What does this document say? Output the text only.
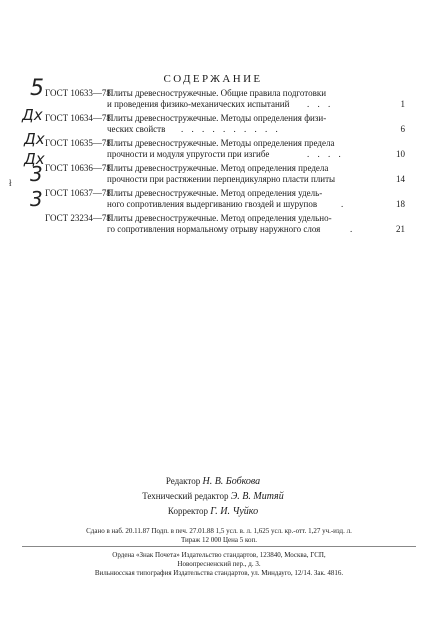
СОДЕРЖАНИЕ
ГОСТ 10633—78
Плиты древесностружечные. Общие правила подготовки
и проведения физико-механических испытаний . . .	1
ГОСТ 10634—78
Плиты древесностружечные. Методы определения физи-
ческих свойств . . . . . . . . . .	6
ГОСТ 10635—78
Плиты древесностружечные. Методы определения предела
прочности и модуля упругости при изгибе	. . . .	10
ГОСТ 10636—78
Плиты древесностружечные. Метод определения предела
прочности при растяжении перпендикулярно пласти плиты	14
ГОСТ 10637—78
Плиты древесностружечные. Метод определения удель-
ного сопротивления выдергиванию гвоздей и шурупов	.	18
ГОСТ 23234—78
Плиты древесностружечные. Метод определения удельно-
го сопротивления нормальному отрыву наружного слоя	.	21
5
Дх
Дх
Дх
3
3
ł
Редактор Н. В. Бобкова
Технический редактор Э. В. Митяй
Корректор Г. И. Чуйко
Сдано в наб. 20.11.87 Подп. в печ. 27.01.88 1,5 усл. в. л. 1,625 усл. кр.-отт. 1,27 уч.-изд. л.
Тираж 12 000 Цена 5 коп.
Ордена «Знак Почета» Издательство стандартов, 123840, Москва, ГСП,
Новопресненский пер., д. 3.
Вильнюсская типография Издательства стандартов, ул. Миндауго, 12/14. Зак. 4816.
